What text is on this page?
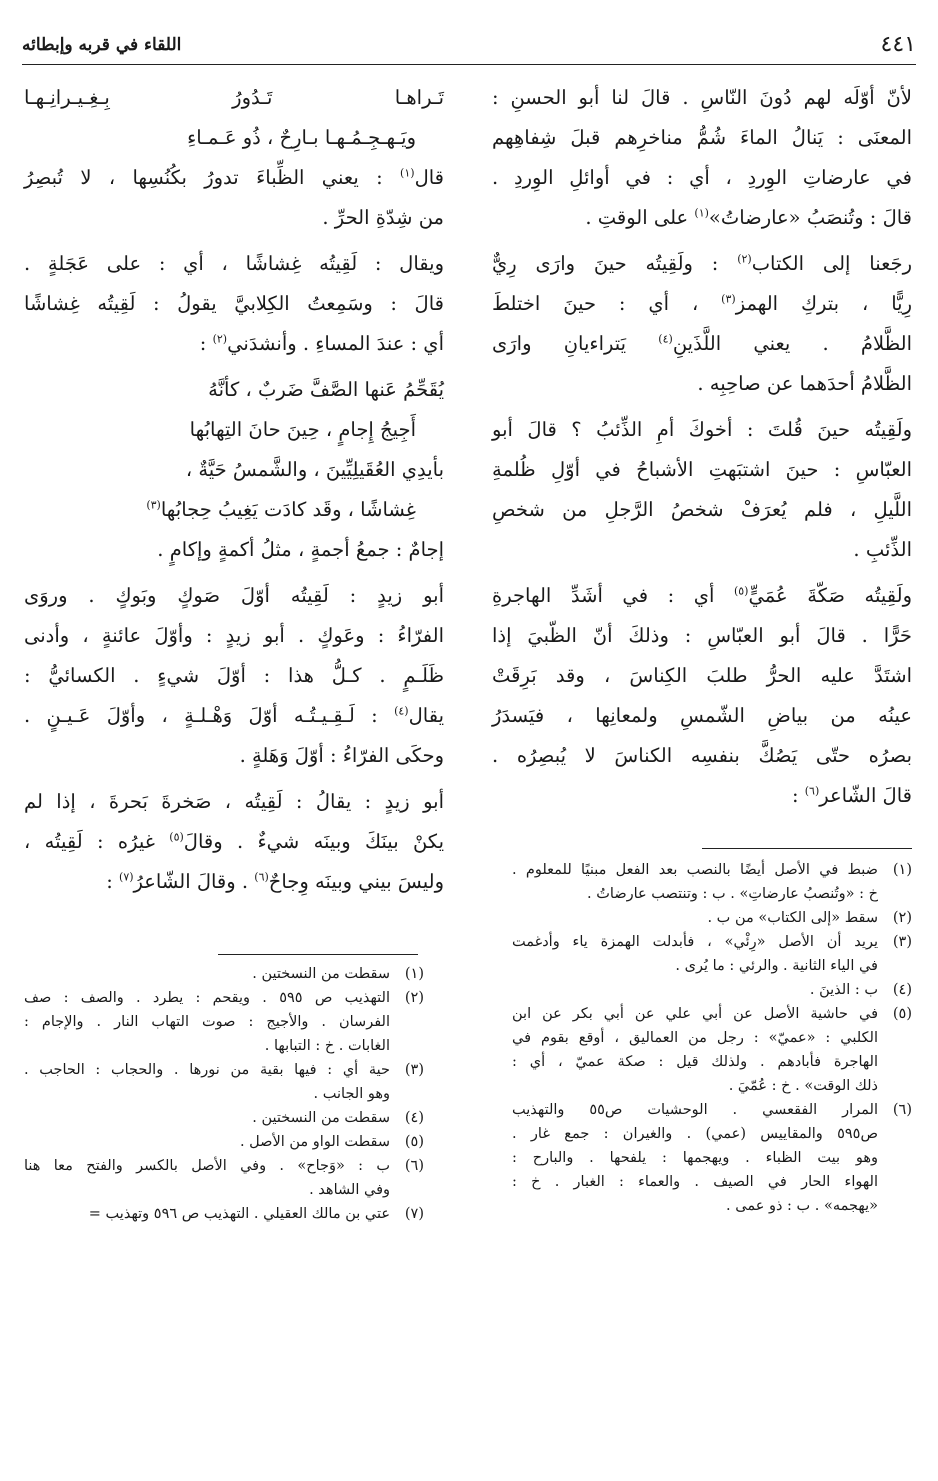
٤٤١
اللقاء في قربه وإبطائه
لأنّ أوّلَه لهم دُونَ النّاسِ . قالَ لنا أبو الحسنِ :
المعنَى : يَنالُ الماءَ شُمُّ مناخرِهم قبلَ شِفاهِهم
في عارضاتِ الوِردِ ، أي : في أوائلِ الوِردِ .
قالَ : وتُنصَبُ «عارضاتُ»$^{(١)}$ على الوقتِ .
رجَعنا إلى الكتاب$^{(٢)}$ : ولَقِيتُه حينَ وارَى رِيٌّ
رِيًّا ، بتركِ الهمز$^{(٣)}$ ، أي : حينَ اختلطَ
الظَّلامُ . يعني اللَّذَينِ$^{(٤)}$ يَتراءيانِ وارَى
الظَّلامُ أحدَهما عن صاحِبِه .
ولَقِيتُه حينَ قُلتَ : أخوكَ أمِ الذِّئبُ ؟ قالَ أبو
العبّاسِ : حينَ اشتبَهتِ الأشباحُ في أوّلِ ظُلمةِ
اللَّيلِ ، فلم يُعرَفْ شخصُ الرَّجلِ من شخصِ
الذِّئبِ .
ولَقِيتُه صَكّةَ عُمَيٍّ$^{(٥)}$ أي : في أشَدِّ الهاجرةِ
حَرًّا . قالَ أبو العبّاسِ : وذلكَ أنّ الظّبيَ إذا
اشتَدَّ عليه الحرُّ طلبَ الكِناسَ ، وقد بَرِقَتْ
عينُه من بياضِ الشّمسِ ولمعانِها ، فيَسدَرُ
بصرُه حتّى يَصُكَّ بنفسِه الكناسَ لا يُبصِرُه .
قالَ الشّاعر$^{(٦)}$ :
(١)
ضبط في الأصل أيضًا بالنصب بعد الفعل مبنيًا للمعلوم .
خ : «وتُنصبُ عارضاتِ» . ب : وتنتصب عارضاتُ .
(٢)
سقط «إلى الكتاب» من ب .
(٣)
يريد أن الأصل «رِئْي» ، فأبدلت الهمزة ياء وأدغمت
في الياء الثانية . والرئي : ما يُرى .
(٤)
ب : الذينَ .
(٥)
في حاشية الأصل عن أبي علي عن أبي بكر عن ابن
الكلبي : «عميّ» : رجل من العماليق ، أوقع بقوم في
الهاجرة فأبادهم . ولذلك قيل : صكة عميّ ، أي :
ذلك الوقت» . خ : عُمّيَ .
(٦)
المرار الفقعسي . الوحشيات ص٥٥ والتهذيب
ص٥٩٥ والمقاييس (عمي) . والغيران : جمع غار .
وهو بيت الظباء . ويهجمها : يلفحها . والبارح :
الهواء الحار في الصيف . والعماء : الغبار . خ :
«يهجمه» . ب : ذو عمى .
تَـراهـا تَـدُورُ بِـغِـيـرانِـهـا
ويَـهـجِـمُـهـا بـارِحٌ ، ذُو عَـمـاءِ
قال$^{(١)}$ : يعني الظِّباءَ تدورُ بكُنُسِها ، لا تُبصِرُ
من شِدّةِ الحرِّ .
ويقال : لَقِيتُه غِشاشًا ، أي : على عَجَلةٍ .
قالَ : وسَمِعتُ الكِلابيَّ يقولُ : لَقِيتُه غِشاشًا
أي : عندَ المساءِ . وأنشدَني$^{(٢)}$ :
يُقَحِّمُ عَنها الصَّفَّ ضَربٌ ، كأنَّهُ
أَجِيجُ إِجامٍ ، حِينَ حانَ التِهابُها
بأيدِي العُقَيلِيِّينَ ، والشَّمسُ حَيَّةٌ ،
غِشاشًا ، وقَد كادَت يَغِيبُ حِجابُها$^{(٣)}$
إجامٌ : جمعُ أجمةٍ ، مثلُ أكمةٍ وإكامٍ .
أبو زيدٍ : لَقِيتُه أوّلَ صَوكٍ وبَوكٍ . وروَى
الفرّاءُ : وعَوكٍ . أبو زيدٍ : وأوّلَ عائنةٍ ، وأدنى
ظَلَـمٍ . كـلُّ هذا : أوّلَ شيءٍ . الكسائيُّ :
يقال$^{(٤)}$ : لَـقِـيـتُـه أوّلَ وَهْـلـةٍ ، وأوّلَ عَـيـنٍ .
وحكَى الفرّاءُ : أوّلَ وَهَلةٍ .
أبو زيدٍ : يقالُ : لَقِيتُه ، صَخرةَ بَحرةَ ، إذا لم
يكنْ بينَكَ وبينَه شيءٌ . وقالَ$^{(٥)}$ غيرُه : لَقِيتُه ،
وليسَ بيني وبينَه وِجاحٌ$^{(٦)}$ . وقالَ الشّاعرُ$^{(٧)}$ :
(١)
سقطت من النسختين .
(٢)
التهذيب ص ٥٩٥ . ويقحم : يطرد . والصف : صف
الفرسان . والأجيج : صوت التهاب النار . والإجام :
الغابات . خ : التبابها .
(٣)
حية أي : فيها بقية من نورها . والحجاب : الحاجب .
وهو الجانب .
(٤)
سقطت من النسختين .
(٥)
سقطت الواو من الأصل .
(٦)
ب : «وَجاح» . وفي الأصل بالكسر والفتح معا هنا
وفي الشاهد .
(٧)
عتي بن مالك العقيلي . التهذيب ص ٥٩٦ وتهذيب =
